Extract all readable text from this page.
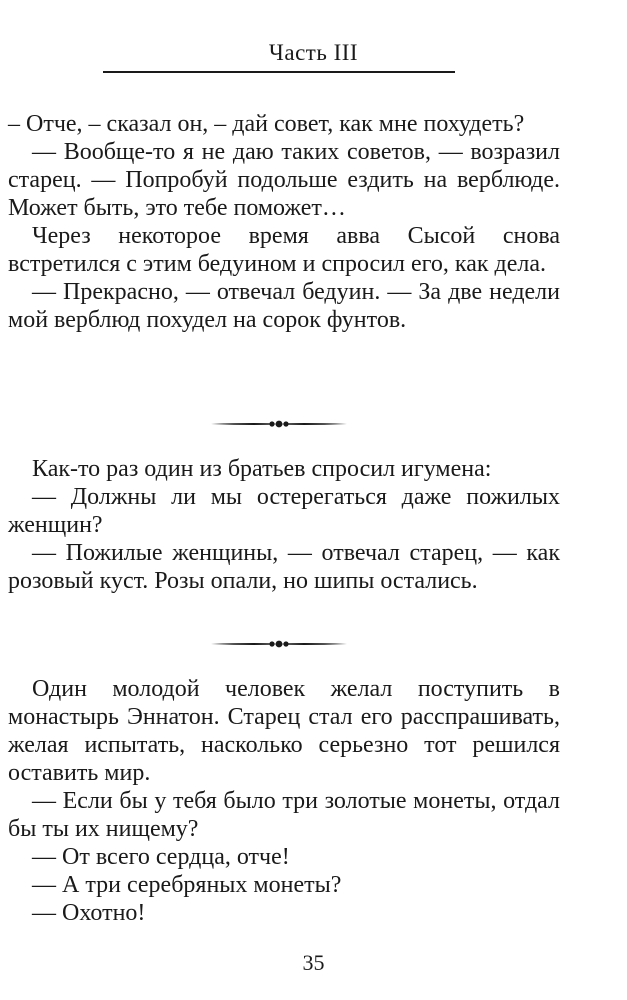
Часть III

– Отче, – сказал он, – дай совет, как мне похудеть?

— Вообще-то я не даю таких советов, — возразил старец. — Попробуй подольше ездить на верблюде. Может быть, это тебе поможет…

Через некоторое время авва Сысой снова встретился с этим бедуином и спросил его, как дела.

— Прекрасно, — отвечал бедуин. — За две недели мой верблюд похудел на сорок фунтов.

Как-то раз один из братьев спросил игумена:

— Должны ли мы остерегаться даже пожилых женщин?

— Пожилые женщины, — отвечал старец, — как розовый куст. Розы опали, но шипы остались.

Один молодой человек желал поступить в монастырь Эннатон. Старец стал его расспрашивать, желая испытать, насколько серьезно тот решился оставить мир.

— Если бы у тебя было три золотые монеты, отдал бы ты их нищему?

— От всего сердца, отче!

— А три серебряных монеты?

— Охотно!

35
